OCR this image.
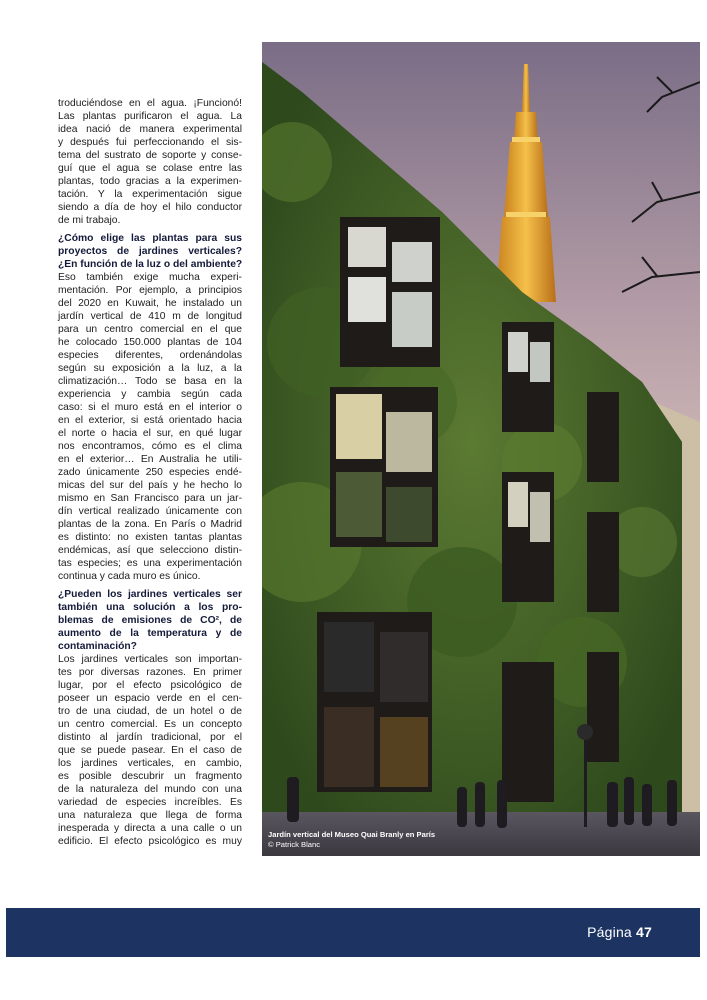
troduciéndose en el agua. ¡Funcionó!
Las plantas purificaron el agua. La
idea nació de manera experimental
y después fui perfeccionando el sis-
tema del sustrato de soporte y conse-
guí que el agua se colase entre las
plantas, todo gracias a la experimen-
tación. Y la experimentación sigue
siendo a día de hoy el hilo conductor
de mi trabajo.

¿Cómo elige las plantas para sus
proyectos de jardines verticales?
¿En función de la luz o del ambiente?

Eso también exige mucha experi-
mentación. Por ejemplo, a principios
del 2020 en Kuwait, he instalado un
jardín vertical de 410 m de longitud
para un centro comercial en el que
he colocado 150.000 plantas de 104
especies diferentes, ordenándolas
según su exposición a la luz, a la
climatización… Todo se basa en la
experiencia y cambia según cada
caso: si el muro está en el interior o
en el exterior, si está orientado hacia
el norte o hacia el sur, en qué lugar
nos encontramos, cómo es el clima
en el exterior… En Australia he utili-
zado únicamente 250 especies endé-
micas del sur del país y he hecho lo
mismo en San Francisco para un jar-
dín vertical realizado únicamente con
plantas de la zona. En París o Madrid
es distinto: no existen tantas plantas
endémicas, así que selecciono distin-
tas especies; es una experimentación
continua y cada muro es único.

¿Pueden los jardines verticales ser
también una solución a los pro-
blemas de emisiones de CO², de
aumento de la temperatura y de
contaminación?

Los jardines verticales son importan-
tes por diversas razones. En primer
lugar, por el efecto psicológico de
poseer un espacio verde en el cen-
tro de una ciudad, de un hotel o de
un centro comercial. Es un concepto
distinto al jardín tradicional, por el
que se puede pasear. En el caso de
los jardines verticales, en cambio,
es posible descubrir un fragmento
de la naturaleza del mundo con una
variedad de especies increíbles. Es
una naturaleza que llega de forma
inesperada y directa a una calle o un
edificio. El efecto psicológico es muy

Jardín vertical del Museo Quai Branly en París
© Patrick Blanc
Página 47
